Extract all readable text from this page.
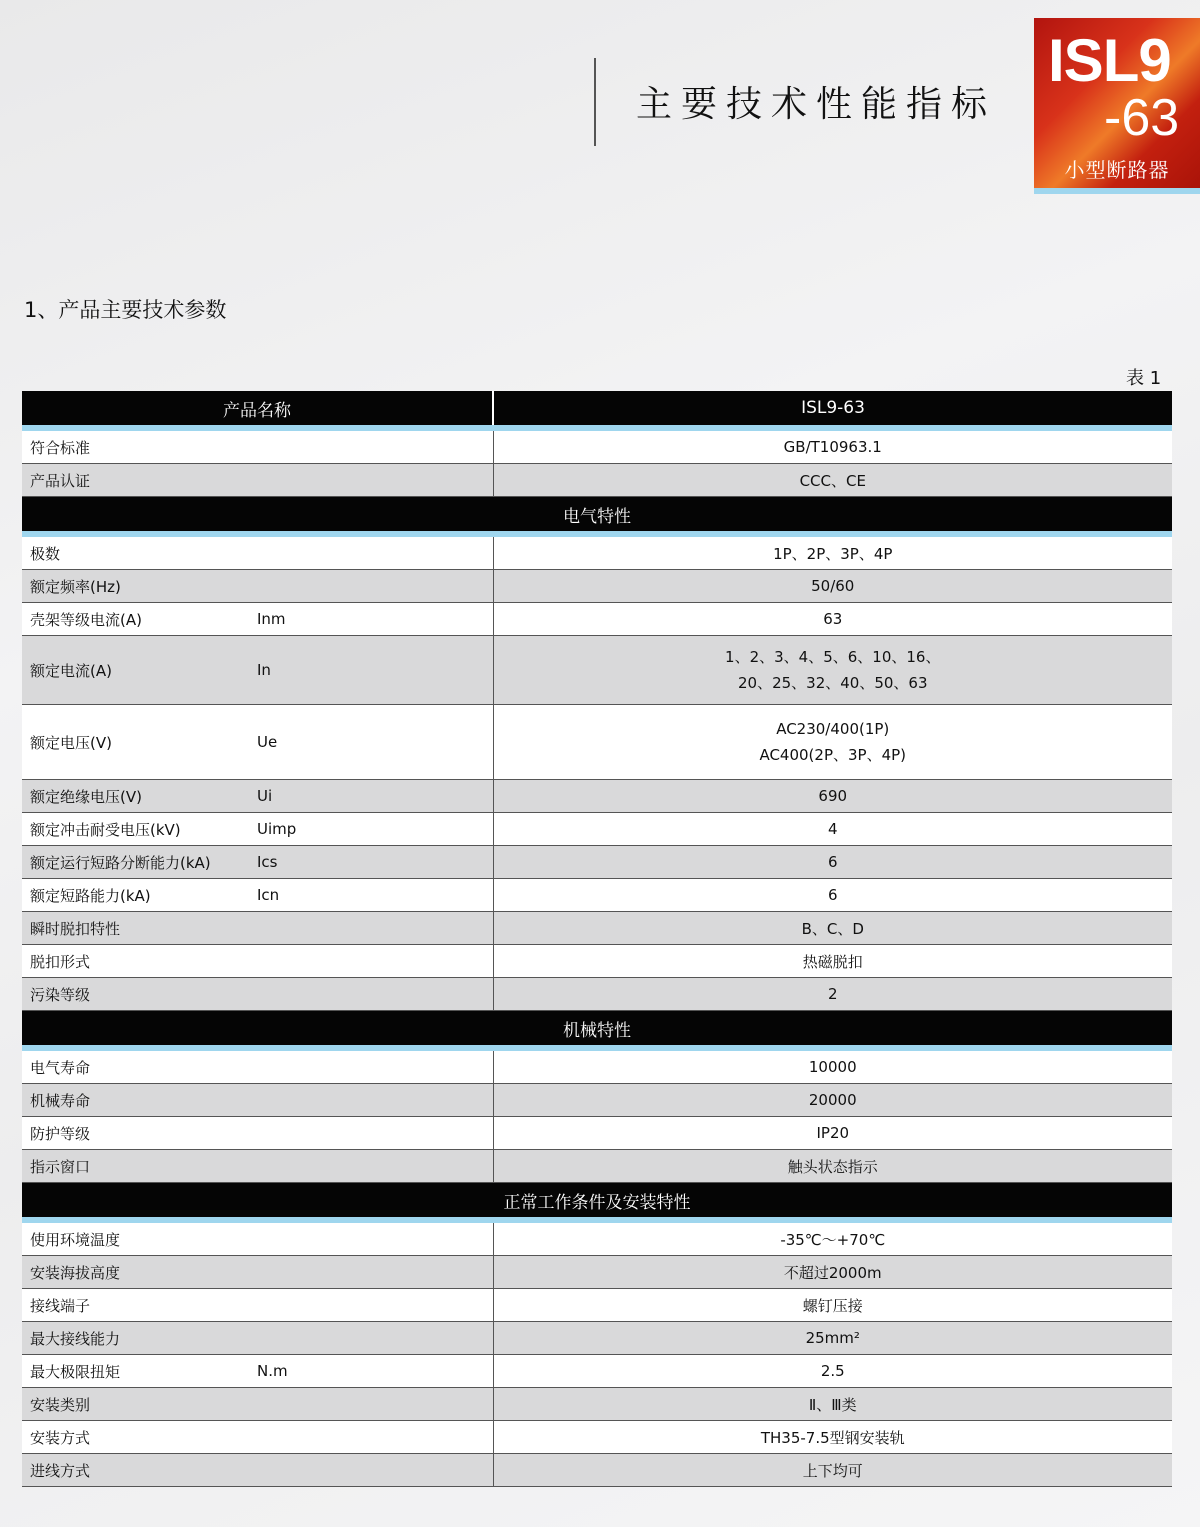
主要技术性能指标
ISL9
-63
小型断路器
1、产品主要技术参数
表 1
产品名称	ISL9-63
符合标准	GB/T10963.1
产品认证	CCC、CE
电气特性	
极数	1P、2P、3P、4P
额定频率(Hz)	50/60
壳架等级电流(A) Inm	63
额定电流(A) In	1、2、3、4、5、6、10、16、
20、25、32、40、50、63

额定电压(V) Ue	AC230/400(1P)
AC400(2P、3P、4P)

额定绝缘电压(V) Ui	690
额定冲击耐受电压(kV) Uimp	4
额定运行短路分断能力(kA) Ics	6
额定短路能力(kA) Icn	6
瞬时脱扣特性	B、C、D
脱扣形式	热磁脱扣
污染等级	2
机械特性	
电气寿命	10000
机械寿命	20000
防护等级	IP20
指示窗口	触头状态指示
正常工作条件及安装特性	
使用环境温度	-35℃～+70℃
安装海拔高度	不超过2000m
接线端子	螺钉压接
最大接线能力	25mm²
最大极限扭矩 N.m	2.5
安装类别	Ⅱ、Ⅲ类
安装方式	TH35-7.5型钢安装轨
进线方式	上下均可
